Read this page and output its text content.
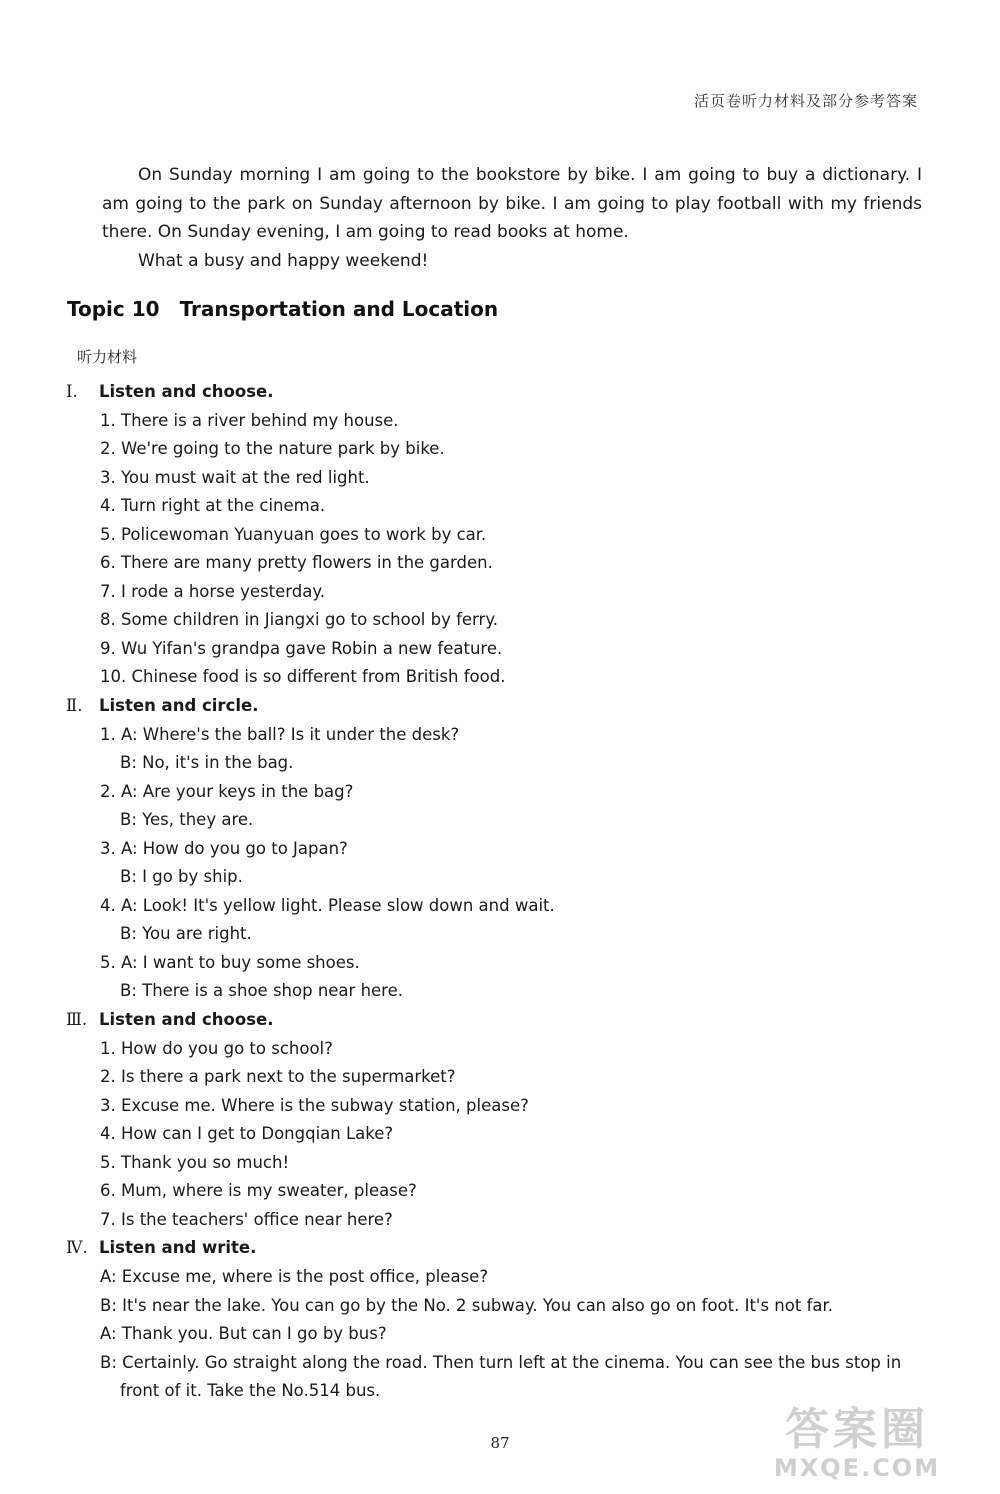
活页卷听力材料及部分参考答案

On Sunday morning I am going to the bookstore by bike. I am going to buy a dictionary. I am going to the park on Sunday afternoon by bike. I am going to play football with my friends there. On Sunday evening, I am going to read books at home.

What a busy and happy weekend!

Topic 10 Transportation and Location
听力材料
Ⅰ. Listen and choose.
1. There is a river behind my house.
2. We're going to the nature park by bike.
3. You must wait at the red light.
4. Turn right at the cinema.
5. Policewoman Yuanyuan goes to work by car.
6. There are many pretty flowers in the garden.
7. I rode a horse yesterday.
8. Some children in Jiangxi go to school by ferry.
9. Wu Yifan's grandpa gave Robin a new feature.
10. Chinese food is so different from British food.
Ⅱ. Listen and circle.
1. A: Where's the ball? Is it under the desk?
B: No, it's in the bag.
2. A: Are your keys in the bag?
B: Yes, they are.
3. A: How do you go to Japan?
B: I go by ship.
4. A: Look! It's yellow light. Please slow down and wait.
B: You are right.
5. A: I want to buy some shoes.
B: There is a shoe shop near here.
Ⅲ. Listen and choose.
1. How do you go to school?
2. Is there a park next to the supermarket?
3. Excuse me. Where is the subway station, please?
4. How can I get to Dongqian Lake?
5. Thank you so much!
6. Mum, where is my sweater, please?
7. Is the teachers' office near here?
Ⅳ. Listen and write.
A: Excuse me, where is the post office, please?
B: It's near the lake. You can go by the No. 2 subway. You can also go on foot. It's not far.
A: Thank you. But can I go by bus?
B: Certainly. Go straight along the road. Then turn left at the cinema. You can see the bus stop in front of it. Take the No.514 bus.
87	答案圈
MXQE.COM
